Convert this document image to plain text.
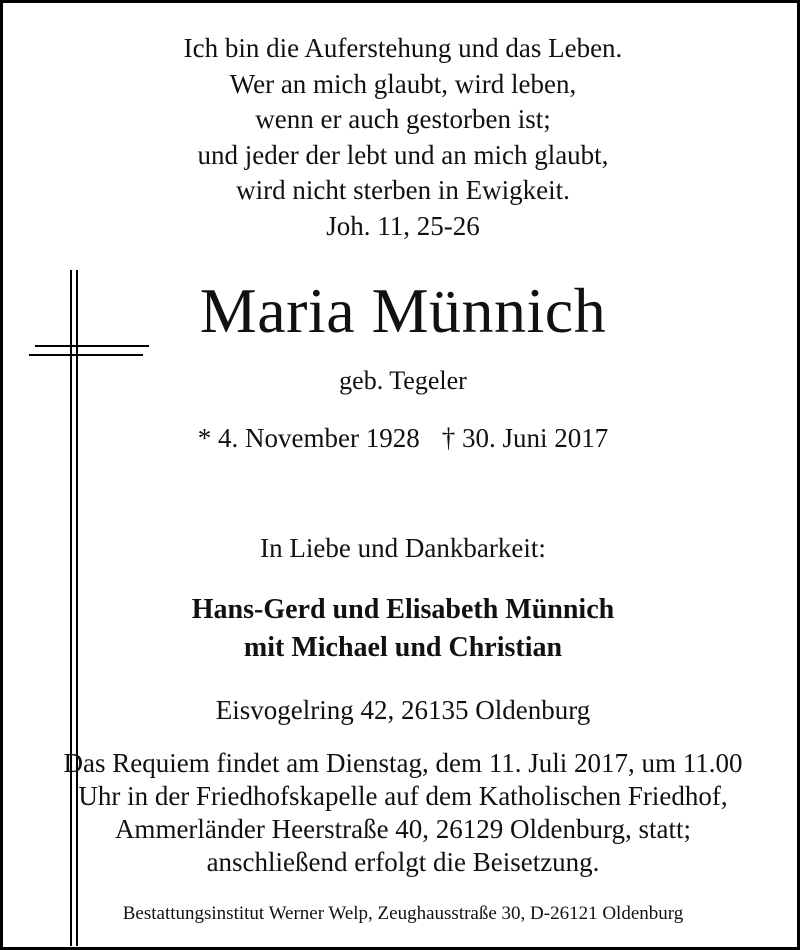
Ich bin die Auferstehung und das Leben.
Wer an mich glaubt, wird leben,
wenn er auch gestorben ist;
und jeder der lebt und an mich glaubt,
wird nicht sterben in Ewigkeit.
Joh. 11, 25-26
Maria Münnich
geb. Tegeler
* 4. November 1928 † 30. Juni 2017
In Liebe und Dankbarkeit:
Hans-Gerd und Elisabeth Münnich
mit Michael und Christian
Eisvogelring 42, 26135 Oldenburg
Das Requiem findet am Dienstag, dem 11. Juli 2017, um 11.00
Uhr in der Friedhofskapelle auf dem Katholischen Friedhof,
Ammerländer Heerstraße 40, 26129 Oldenburg, statt;
anschließend erfolgt die Beisetzung.
Bestattungsinstitut Werner Welp, Zeughausstraße 30, D-26121 Oldenburg
